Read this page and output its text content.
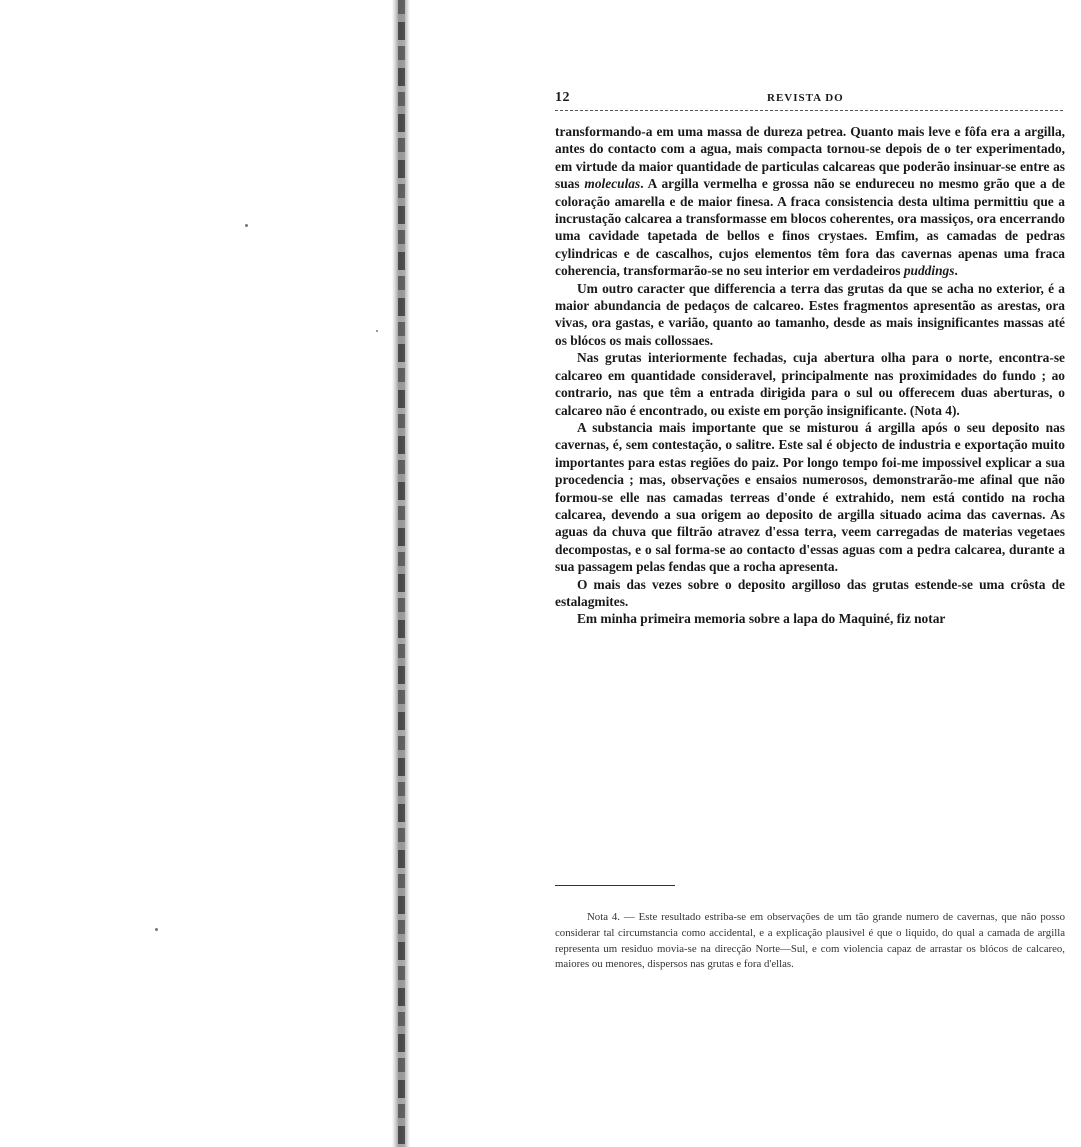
12	REVISTA DO

transformando-a em uma massa de dureza petrea. Quanto mais leve e fôfa era a argilla, antes do contacto com a agua, mais compacta tornou-se depois de o ter experimentado, em virtude da maior quantidade de particulas calcareas que poderão insinuar-se entre as suas moleculas. A argilla vermelha e grossa não se endureceu no mesmo grão que a de coloração amarella e de maior finesa. A fraca consistencia desta ultima permittiu que a incrustação calcarea a transformasse em blocos coherentes, ora massiços, ora encerrando uma cavidade tapetada de bellos e finos crystaes. Emfim, as camadas de pedras cylindricas e de cascalhos, cujos elementos têm fora das cavernas apenas uma fraca coherencia, transformarão-se no seu interior em verdadeiros puddings.

Um outro caracter que differencia a terra das grutas da que se acha no exterior, é a maior abundancia de pedaços de calcareo. Estes fragmentos apresentão as arestas, ora vivas, ora gastas, e varião, quanto ao tamanho, desde as mais insignificantes massas até os blócos os mais collossaes.

Nas grutas interiormente fechadas, cuja abertura olha para o norte, encontra-se calcareo em quantidade consideravel, principalmente nas proximidades do fundo ; ao contrario, nas que têm a entrada dirigida para o sul ou offerecem duas aberturas, o calcareo não é encontrado, ou existe em porção insignificante. (Nota 4).

A substancia mais importante que se misturou á argilla após o seu deposito nas cavernas, é, sem contestação, o salitre. Este sal é objecto de industria e exportação muito importantes para estas regiões do paiz. Por longo tempo foi-me impossivel explicar a sua procedencia ; mas, observações e ensaios numerosos, demonstrarão-me afinal que não formou-se elle nas camadas terreas d'onde é extrahido, nem está contido na rocha calcarea, devendo a sua origem ao deposito de argilla situado acima das cavernas. As aguas da chuva que filtrão atravez d'essa terra, veem carregadas de materias vegetaes decompostas, e o sal forma-se ao contacto d'essas aguas com a pedra calcarea, durante a sua passagem pelas fendas que a rocha apresenta.

O mais das vezes sobre o deposito argilloso das grutas estende-se uma crôsta de estalagmites.

Em minha primeira memoria sobre a lapa do Maquiné, fiz notar

Nota 4. — Este resultado estriba-se em observações de um tão grande numero de cavernas, que não posso considerar tal circumstancia como accidental, e a explicação plausivel é que o liquido, do qual a camada de argilla representa um residuo movia-se na direcção Norte—Sul, e com violencia capaz de arrastar os blócos de calcareo, maiores ou menores, dispersos nas grutas e fora d'ellas.
